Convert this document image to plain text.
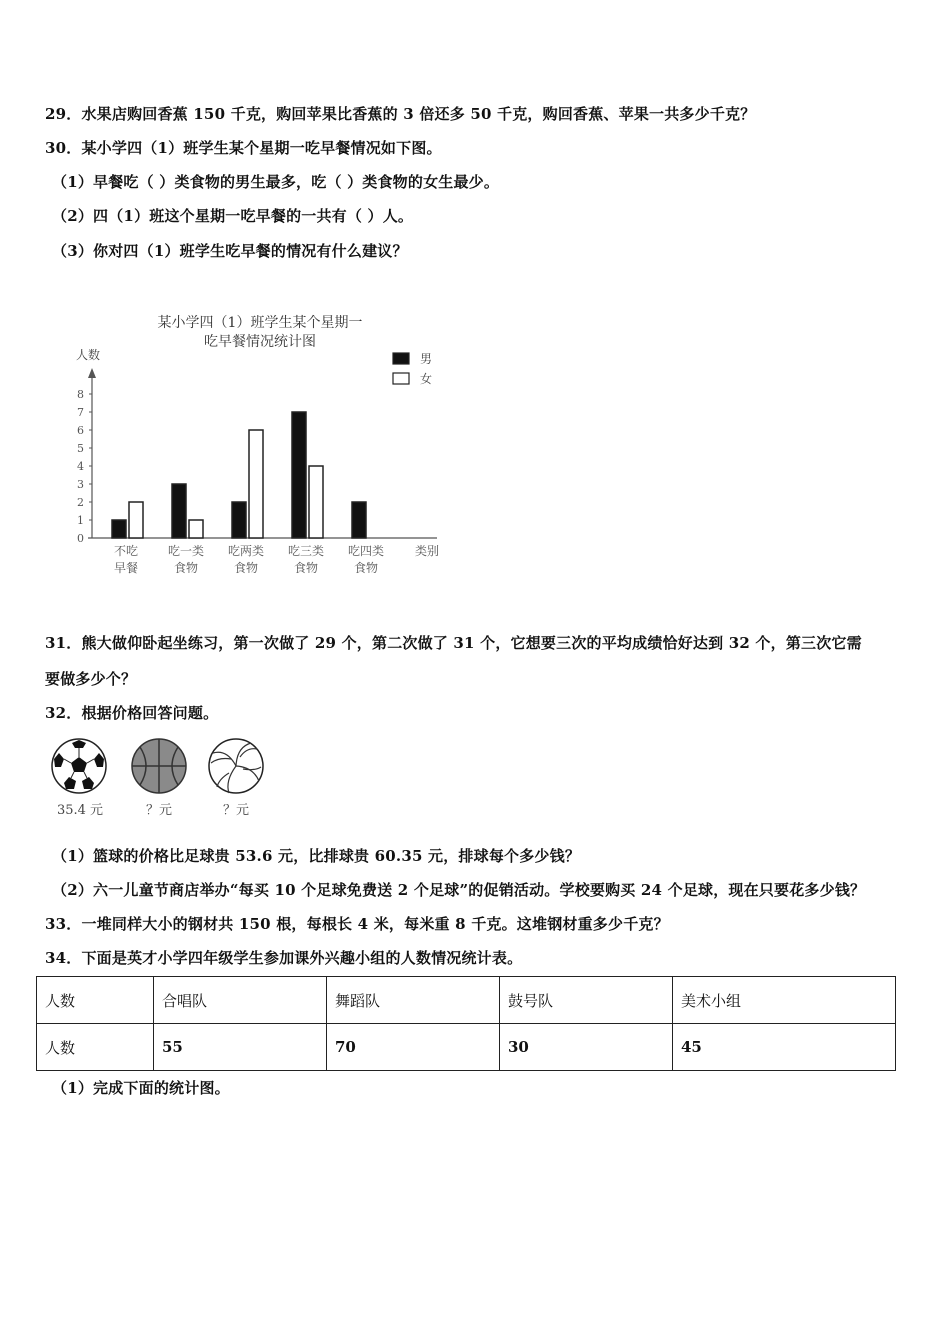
29．水果店购回香蕉 150 千克，购回苹果比香蕉的 3 倍还多 50 千克，购回香蕉、苹果一共多少千克？
30．某小学四（1）班学生某个星期一吃早餐情况如下图。
（1）早餐吃（ ）类食物的男生最多，吃（ ）类食物的女生最少。
（2）四（1）班这个星期一吃早餐的一共有（ ）人。
（3）你对四（1）班学生吃早餐的情况有什么建议？
某小学四（1）班学生某个星期一
吃早餐情况统计图
人数
0
1
2
3
4
5
6
7
8
不吃
早餐
吃一类
食物
吃两类
食物
吃三类
食物
吃四类
食物
类别
男
女
31．熊大做仰卧起坐练习，第一次做了 29 个，第二次做了 31 个，它想要三次的平均成绩恰好达到 32 个，第三次它需
要做多少个？
32．根据价格回答问题。
35.4 元	？元	？元
（1）篮球的价格比足球贵 53.6 元，比排球贵 60.35 元，排球每个多少钱？
（2）六一儿童节商店举办“每买 10 个足球免费送 2 个足球”的促销活动。学校要购买 24 个足球，现在只要花多少钱？
33．一堆同样大小的钢材共 150 根，每根长 4 米，每米重 8 千克。这堆钢材重多少千克？
34．下面是英才小学四年级学生参加课外兴趣小组的人数情况统计表。
人数	合唱队	舞蹈队	鼓号队	美术小组
人数	55	70	30	45
（1）完成下面的统计图。
